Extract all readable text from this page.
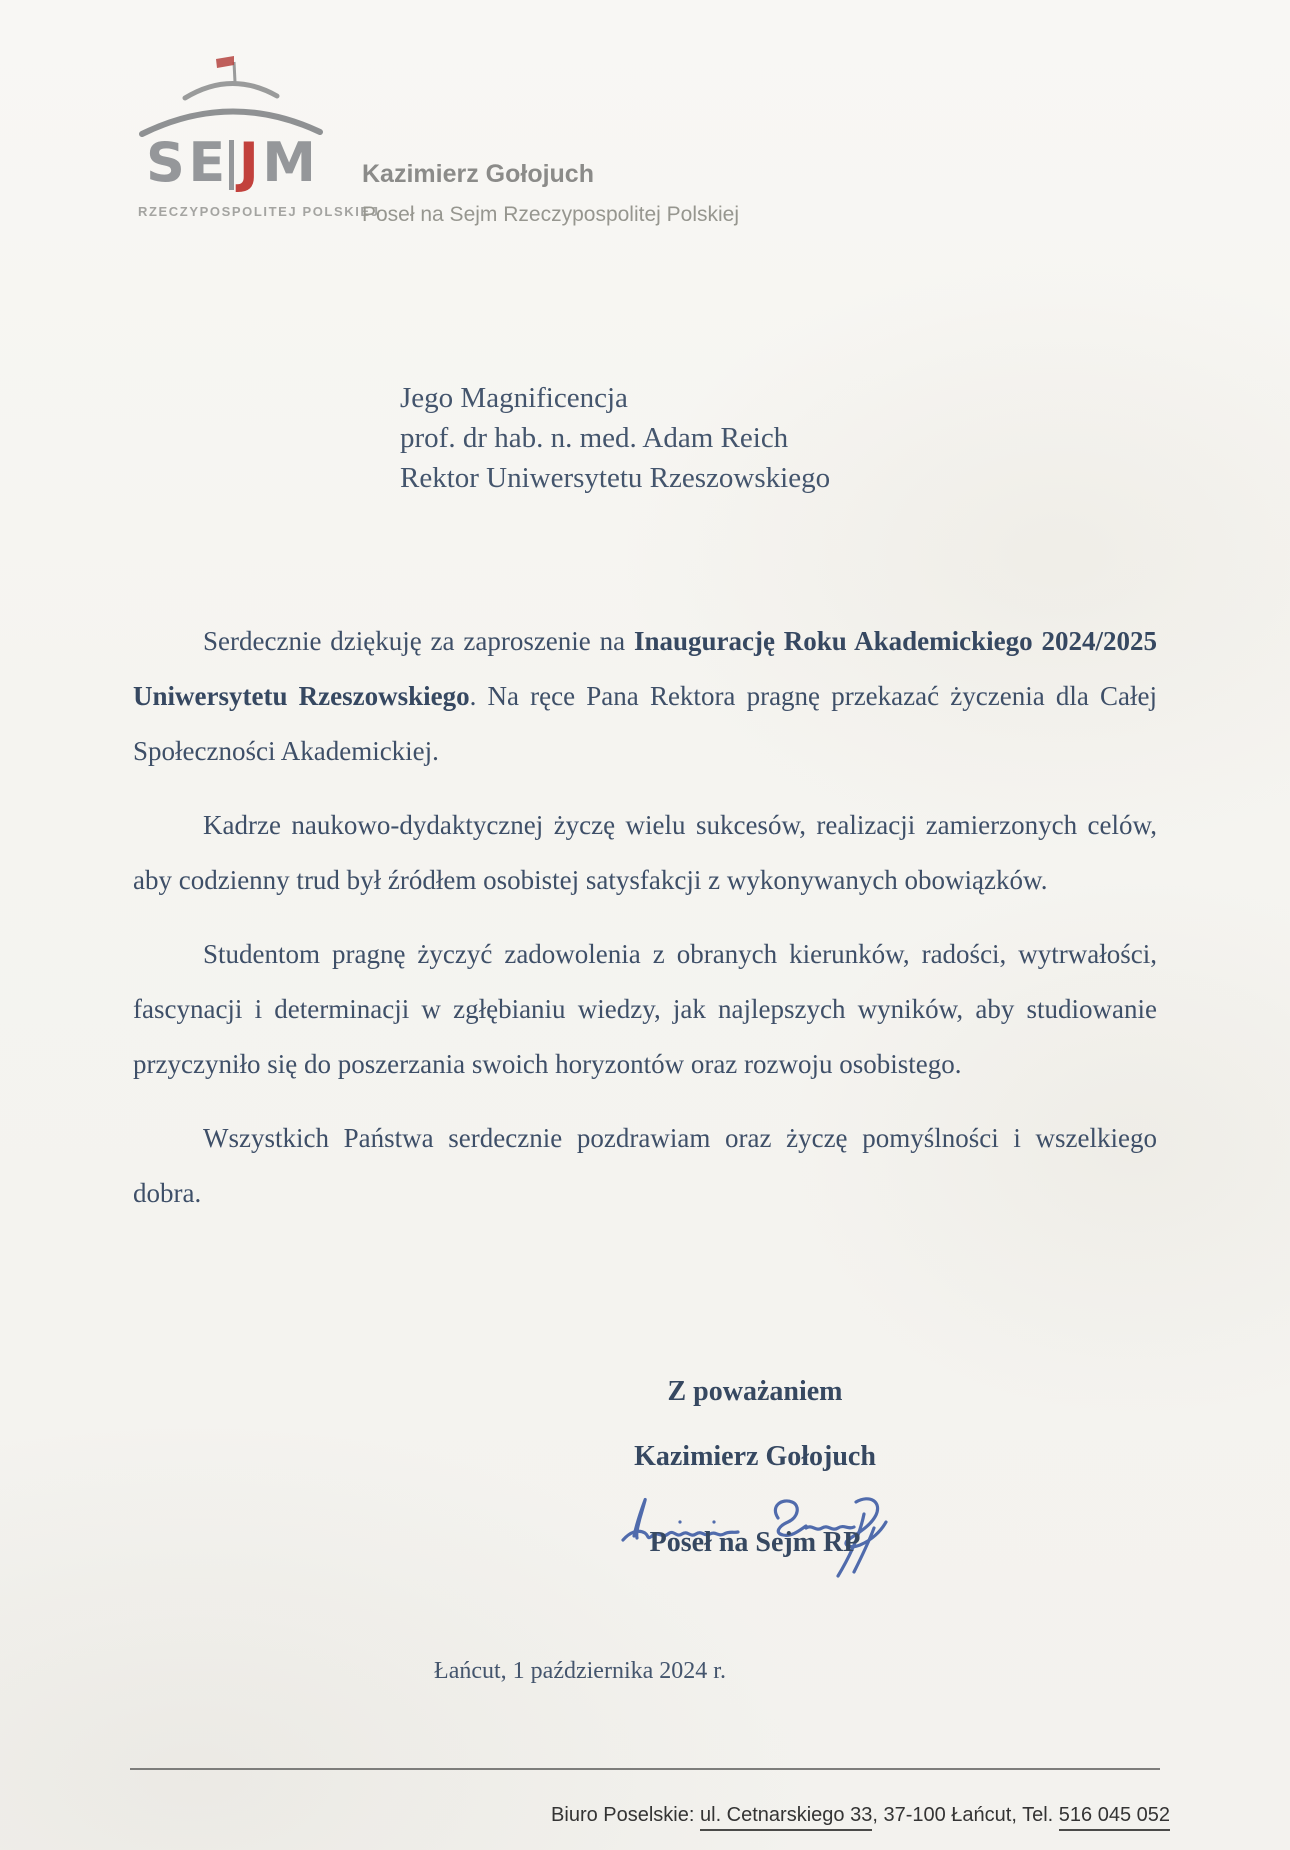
S E J M
RZECZYPOSPOLITEJ POLSKIEJ
Kazimierz Gołojuch
Poseł na Sejm Rzeczypospolitej Polskiej
Jego Magnificencja
prof. dr hab. n. med. Adam Reich
Rektor Uniwersytetu Rzeszowskiego

Serdecznie dziękuję za zaproszenie na Inaugurację Roku Akademickiego 2024/2025 Uniwersytetu Rzeszowskiego. Na ręce Pana Rektora pragnę przekazać życzenia dla Całej Społeczności Akademickiej.

Kadrze naukowo-dydaktycznej życzę wielu sukcesów, realizacji zamierzonych celów, aby codzienny trud był źródłem osobistej satysfakcji z wykonywanych obowiązków.

Studentom pragnę życzyć zadowolenia z obranych kierunków, radości, wytrwałości, fascynacji i determinacji w zgłębianiu wiedzy, jak najlepszych wyników, aby studiowanie przyczyniło się do poszerzania swoich horyzontów oraz rozwoju osobistego.

Wszystkich Państwa serdecznie pozdrawiam oraz życzę pomyślności i wszelkiego dobra.

Z poważaniem
Kazimierz Gołojuch
Poseł na Sejm RP
Łańcut, 1 października 2024 r.
Biuro Poselskie: ul. Cetnarskiego 33, 37-100 Łańcut, Tel. 516 045 052
